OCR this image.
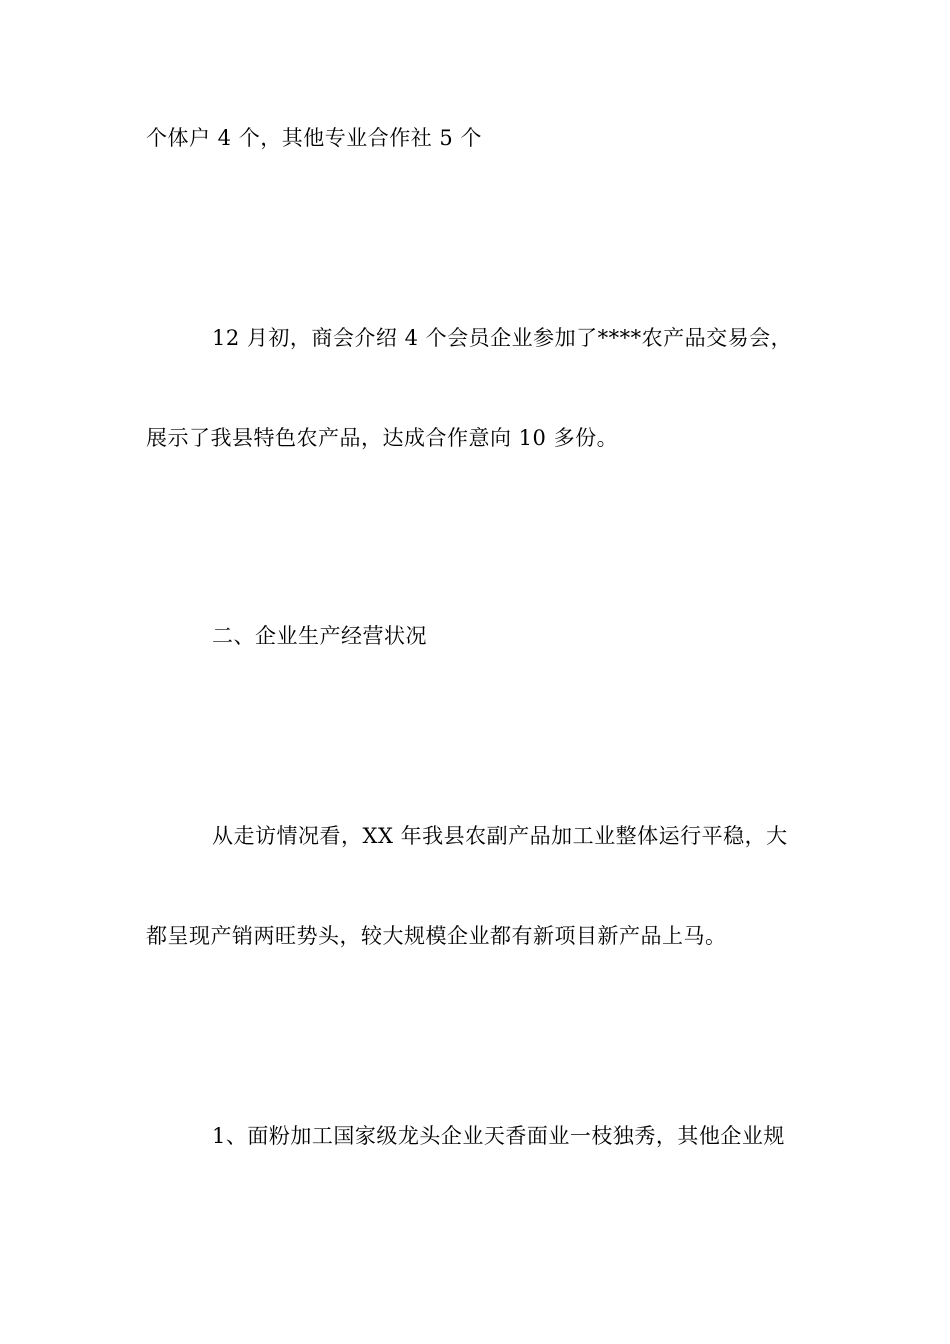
个体户 4 个，其他专业合作社 5 个
12 月初，商会介绍 4 个会员企业参加了****农产品交易会，
展示了我县特色农产品，达成合作意向 10 多份。
二、企业生产经营状况
从走访情况看，XX 年我县农副产品加工业整体运行平稳，大
都呈现产销两旺势头，较大规模企业都有新项目新产品上马。
1、面粉加工国家级龙头企业天香面业一枝独秀，其他企业规
